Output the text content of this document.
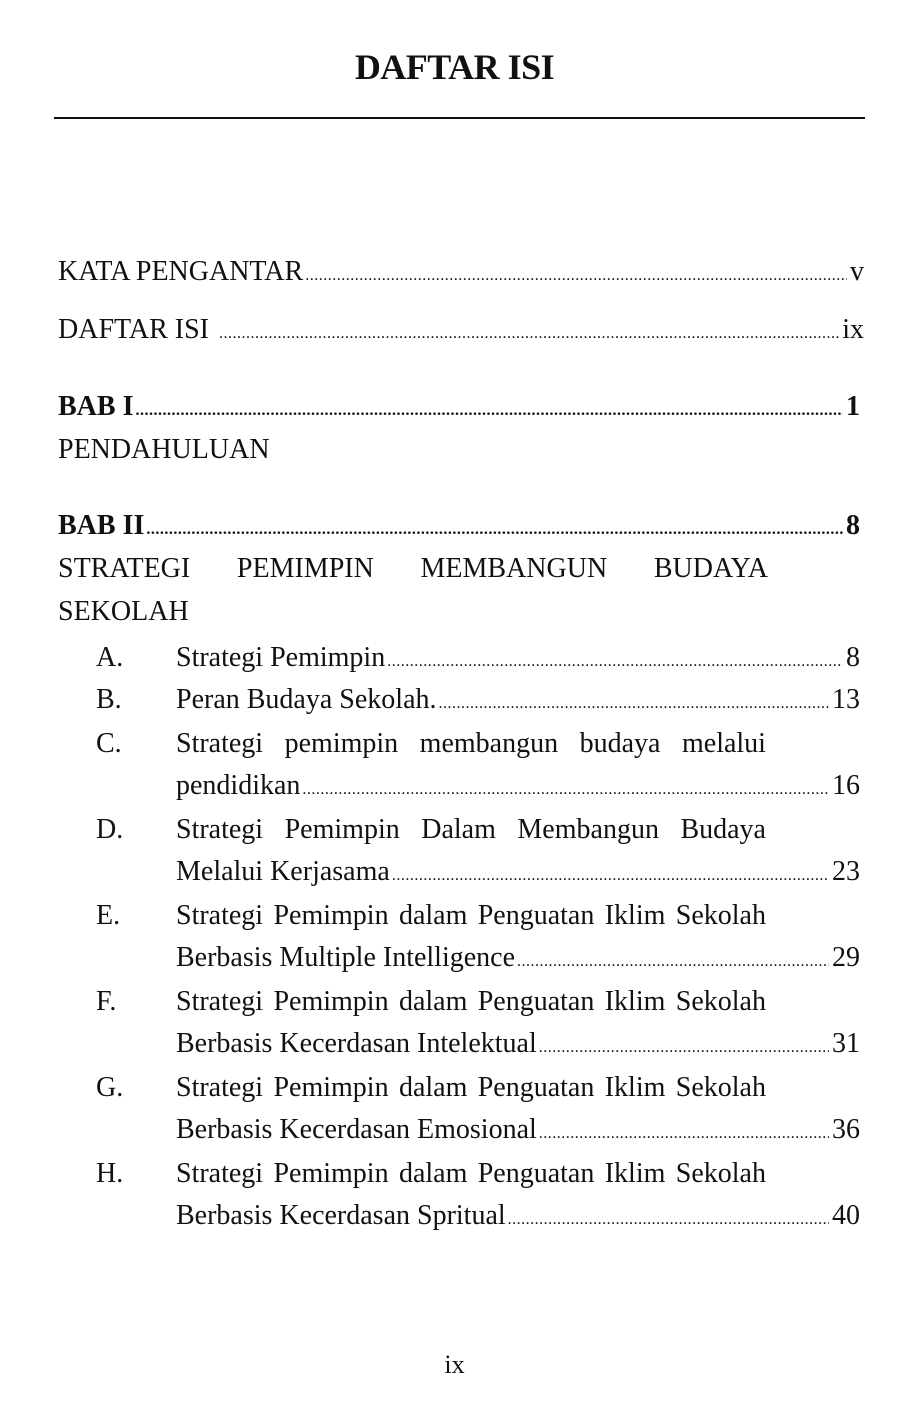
DAFTAR ISI
KATA PENGANTAR .....	v
DAFTAR ISI .....	ix
BAB I .....	1
PENDAHULUAN
BAB II .....	8
STRATEGI PEMIMPIN MEMBANGUN BUDAYA
SEKOLAH
A. Strategi Pemimpin .....	8
B. Peran Budaya Sekolah. .....	13
C. Strategi pemimpin membangun budaya melalui
pendidikan .....	16
D. Strategi Pemimpin Dalam Membangun Budaya
Melalui Kerjasama .....	23
E. Strategi Pemimpin dalam Penguatan Iklim Sekolah
Berbasis Multiple Intelligence .....	29
F. Strategi Pemimpin dalam Penguatan Iklim Sekolah
Berbasis Kecerdasan Intelektual .....	31
G. Strategi Pemimpin dalam Penguatan Iklim Sekolah
Berbasis Kecerdasan Emosional .....	36
H. Strategi Pemimpin dalam Penguatan Iklim Sekolah
Berbasis Kecerdasan Spritual .....	40
ix
